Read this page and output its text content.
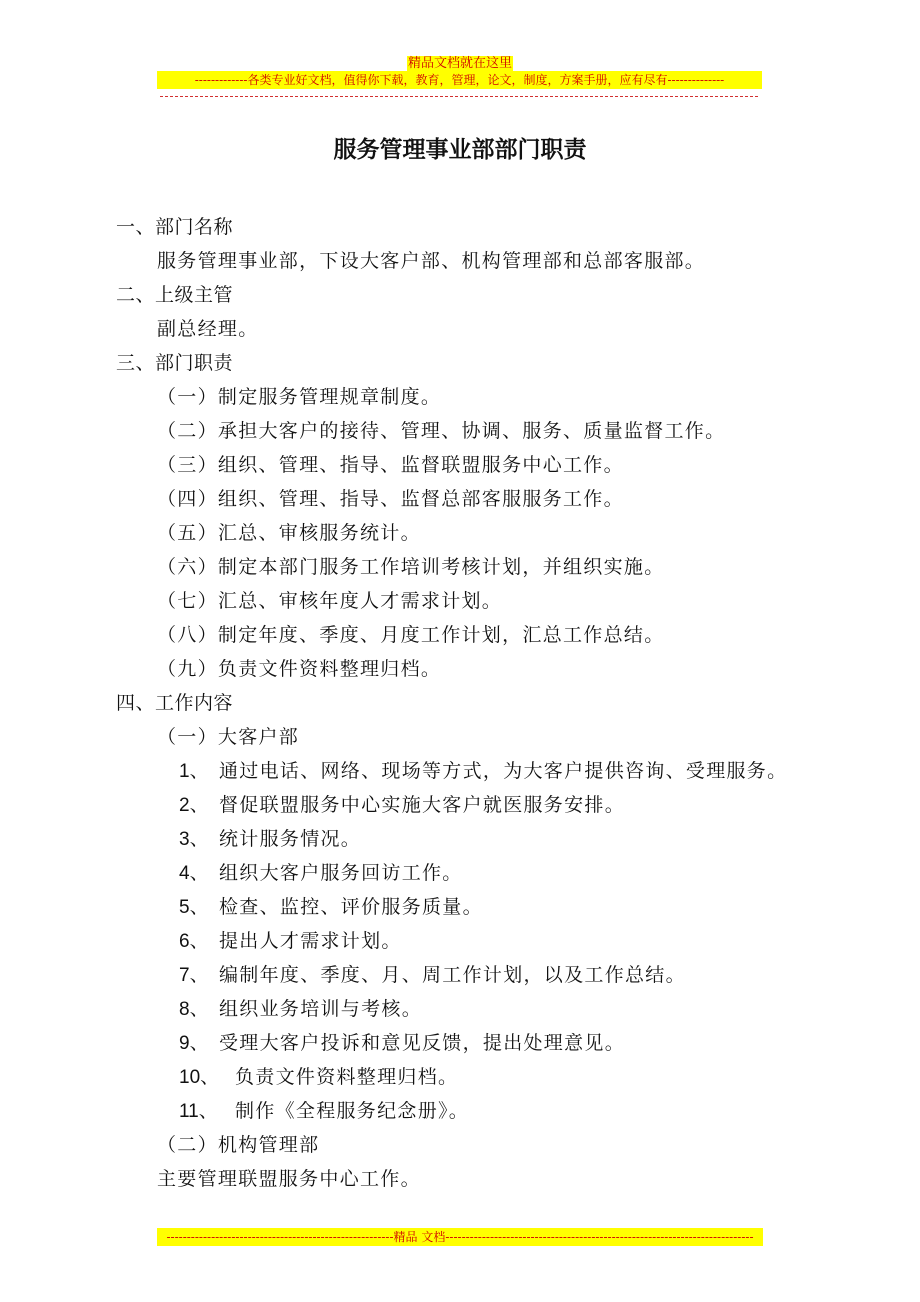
精品文档就在这里
-------------各类专业好文档，值得你下载，教育，管理，论文，制度，方案手册，应有尽有--------------
服务管理事业部部门职责
一、部门名称
服务管理事业部，下设大客户部、机构管理部和总部客服部。
二、上级主管
副总经理。
三、部门职责
（一）制定服务管理规章制度。
（二）承担大客户的接待、管理、协调、服务、质量监督工作。
（三）组织、管理、指导、监督联盟服务中心工作。
（四）组织、管理、指导、监督总部客服服务工作。
（五）汇总、审核服务统计。
（六）制定本部门服务工作培训考核计划，并组织实施。
（七）汇总、审核年度人才需求计划。
（八）制定年度、季度、月度工作计划，汇总工作总结。
（九）负责文件资料整理归档。
四、工作内容
（一）大客户部
1、 通过电话、网络、现场等方式，为大客户提供咨询、受理服务。
2、 督促联盟服务中心实施大客户就医服务安排。
3、 统计服务情况。
4、 组织大客户服务回访工作。
5、 检查、监控、评价服务质量。
6、 提出人才需求计划。
7、 编制年度、季度、月、周工作计划，以及工作总结。
8、 组织业务培训与考核。
9、 受理大客户投诉和意见反馈，提出处理意见。
10、 负责文件资料整理归档。
11、 制作《全程服务纪念册》。
（二）机构管理部
主要管理联盟服务中心工作。
--------------------------------------------------------精品 文档----------------------------------------------------------------------------
